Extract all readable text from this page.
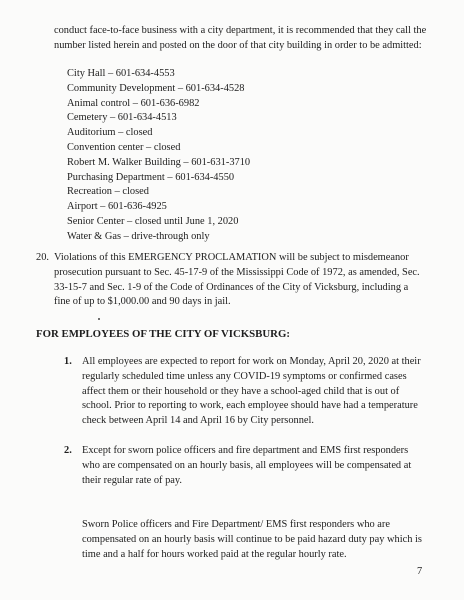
conduct face-to-face business with a city department, it is recommended that they call the number listed herein and posted on the door of that city building in order to be admitted:
City Hall – 601-634-4553
Community Development – 601-634-4528
Animal control – 601-636-6982
Cemetery – 601-634-4513
Auditorium – closed
Convention center – closed
Robert M. Walker Building – 601-631-3710
Purchasing Department – 601-634-4550
Recreation – closed
Airport – 601-636-4925
Senior Center – closed until June 1, 2020
Water & Gas – drive-through only
20. Violations of this EMERGENCY PROCLAMATION will be subject to misdemeanor prosecution pursuant to Sec. 45-17-9 of the Mississippi Code of 1972, as amended, Sec. 33-15-7 and Sec. 1-9 of the Code of Ordinances of the City of Vicksburg, including a fine of up to $1,000.00 and 90 days in jail.
FOR EMPLOYEES OF THE CITY OF VICKSBURG:
1. All employees are expected to report for work on Monday, April 20, 2020 at their regularly scheduled time unless any COVID-19 symptoms or confirmed cases affect them or their household or they have a school-aged child that is out of school. Prior to reporting to work, each employee should have had a temperature check between April 14 and April 16 by City personnel.
2. Except for sworn police officers and fire department and EMS first responders who are compensated on an hourly basis, all employees will be compensated at their regular rate of pay.
Sworn Police officers and Fire Department/ EMS first responders who are compensated on an hourly basis will continue to be paid hazard duty pay which is time and a half for hours worked paid at the regular hourly rate.
7
